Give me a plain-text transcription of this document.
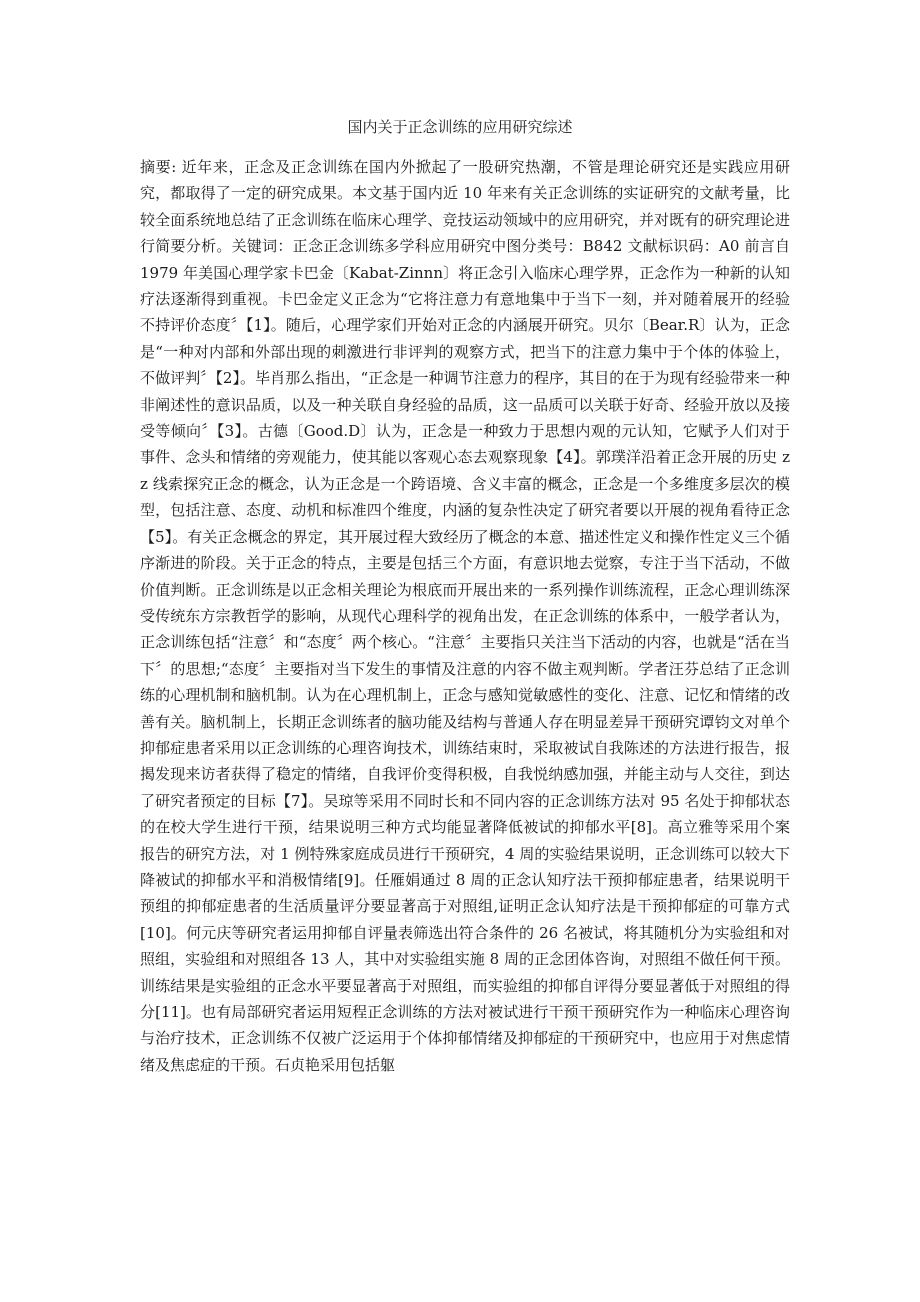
国内关于正念训练的应用研究综述

摘要: 近年来，正念及正念训练在国内外掀起了一股研究热潮，不管是理论研究还是实践应用研究，都取得了一定的研究成果。本文基于国内近 10 年来有关正念训练的实证研究的文献考量，比较全面系统地总结了正念训练在临床心理学、竞技运动领域中的应用研究，并对既有的研究理论进行简要分析。关键词：正念正念训练多学科应用研究中图分类号：B842 文献标识码：A0 前言自 1979 年美国心理学家卡巴金〔Kabat-Zinnn〕将正念引入临床心理学界，正念作为一种新的认知疗法逐渐得到重视。卡巴金定义正念为“它将注意力有意地集中于当下一刻，并对随着展开的经验不持评价态度〞【1】。随后，心理学家们开始对正念的内涵展开研究。贝尔〔Bear.R〕认为，正念是“一种对内部和外部出现的刺激进行非评判的观察方式，把当下的注意力集中于个体的体验上，不做评判〞【2】。毕肖那么指出，“正念是一种调节注意力的程序，其目的在于为现有经验带来一种非阐述性的意识品质，以及一种关联自身经验的品质，这一品质可以关联于好奇、经验开放以及接受等倾向〞【3】。古德〔Good.D〕认为，正念是一种致力于思想内观的元认知，它赋予人们对于事件、念头和情绪的旁观能力，使其能以客观心态去观察现象【4】。郭璞洋沿着正念开展的历史 zz 线索探究正念的概念，认为正念是一个跨语境、含义丰富的概念，正念是一个多维度多层次的模型，包括注意、态度、动机和标准四个维度，内涵的复杂性决定了研究者要以开展的视角看待正念【5】。有关正念概念的界定，其开展过程大致经历了概念的本意、描述性定义和操作性定义三个循序渐进的阶段。关于正念的特点，主要是包括三个方面，有意识地去觉察，专注于当下活动，不做价值判断。正念训练是以正念相关理论为根底而开展出来的一系列操作训练流程，正念心理训练深受传统东方宗教哲学的影响，从现代心理科学的视角出发，在正念训练的体系中，一般学者认为，正念训练包括“注意〞和“态度〞两个核心。“注意〞主要指只关注当下活动的内容，也就是“活在当下〞的思想;“态度〞主要指对当下发生的事情及注意的内容不做主观判断。学者汪芬总结了正念训练的心理机制和脑机制。认为在心理机制上，正念与感知觉敏感性的变化、注意、记忆和情绪的改善有关。脑机制上，长期正念训练者的脑功能及结构与普通人存在明显差异干预研究谭钧文对单个抑郁症患者采用以正念训练的心理咨询技术，训练结束时，采取被试自我陈述的方法进行报告，报揭发现来访者获得了稳定的情绪，自我评价变得积极，自我悦纳感加强，并能主动与人交往，到达了研究者预定的目标【7】。吴琼等采用不同时长和不同内容的正念训练方法对 95 名处于抑郁状态的在校大学生进行干预，结果说明三种方式均能显著降低被试的抑郁水平[8]。高立雅等采用个案报告的研究方法，对 1 例特殊家庭成员进行干预研究，4 周的实验结果说明，正念训练可以较大下降被试的抑郁水平和消极情绪[9]。任雁娟通过 8 周的正念认知疗法干预抑郁症患者，结果说明干预组的抑郁症患者的生活质量评分要显著高于对照组,证明正念认知疗法是干预抑郁症的可靠方式[10]。何元庆等研究者运用抑郁自评量表筛选出符合条件的 26 名被试，将其随机分为实验组和对照组，实验组和对照组各 13 人，其中对实验组实施 8 周的正念团体咨询，对照组不做任何干预。训练结果是实验组的正念水平要显著高于对照组，而实验组的抑郁自评得分要显著低于对照组的得分[11]。也有局部研究者运用短程正念训练的方法对被试进行干预干预研究作为一种临床心理咨询与治疗技术，正念训练不仅被广泛运用于个体抑郁情绪及抑郁症的干预研究中，也应用于对焦虑情绪及焦虑症的干预。石贞艳采用包括躯
